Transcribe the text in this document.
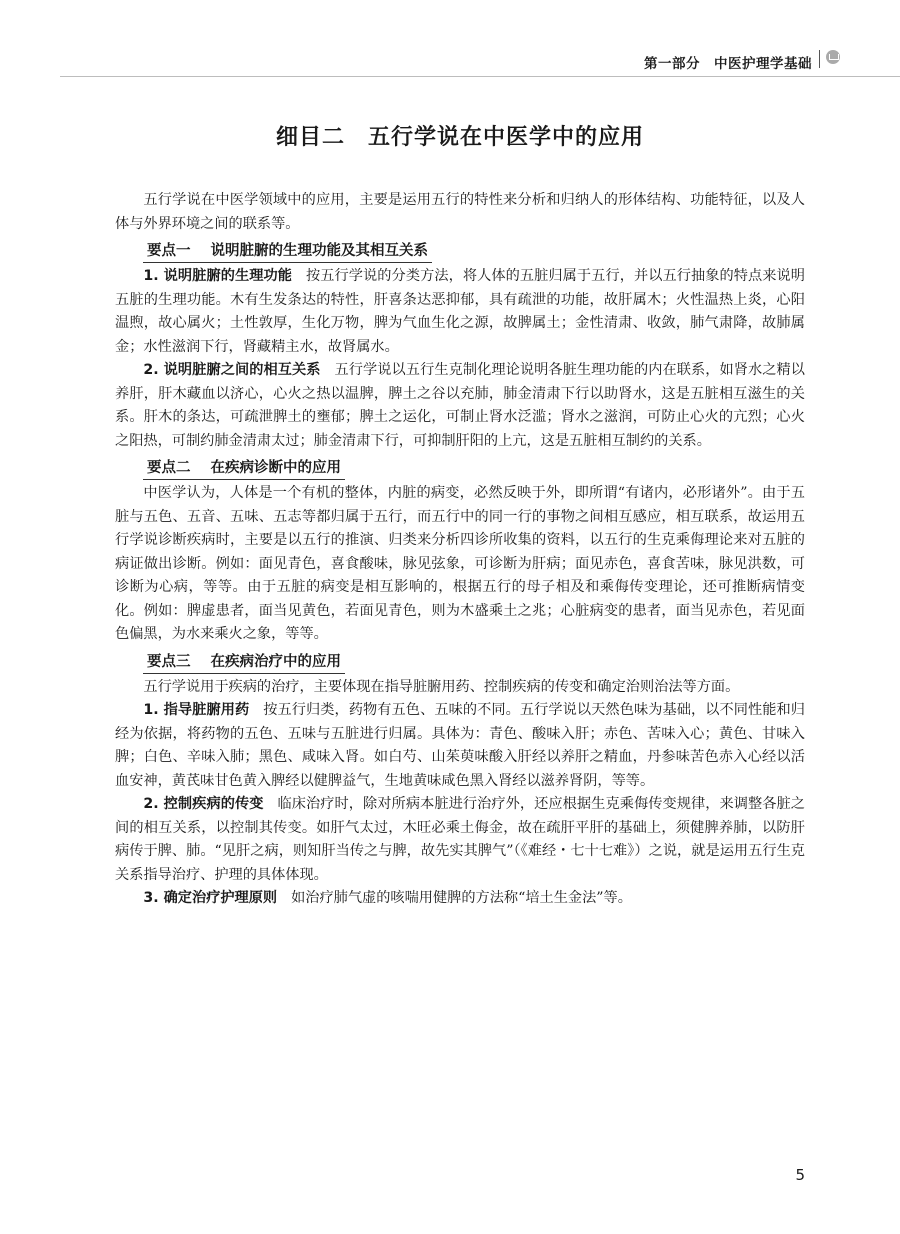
第一部分 中医护理学基础
细目二　五行学说在中医学中的应用

五行学说在中医学领域中的应用，主要是运用五行的特性来分析和归纳人的形体结构、功能特征，以及人体与外界环境之间的联系等。

要点一 说明脏腑的生理功能及其相互关系

1. 说明脏腑的生理功能 按五行学说的分类方法，将人体的五脏归属于五行，并以五行抽象的特点来说明五脏的生理功能。木有生发条达的特性，肝喜条达恶抑郁，具有疏泄的功能，故肝属木；火性温热上炎，心阳温煦，故心属火；土性敦厚，生化万物，脾为气血生化之源，故脾属土；金性清肃、收敛，肺气肃降，故肺属金；水性滋润下行，肾藏精主水，故肾属水。

2. 说明脏腑之间的相互关系 五行学说以五行生克制化理论说明各脏生理功能的内在联系，如肾水之精以养肝，肝木藏血以济心，心火之热以温脾，脾土之谷以充肺，肺金清肃下行以助肾水，这是五脏相互滋生的关系。肝木的条达，可疏泄脾土的壅郁；脾土之运化，可制止肾水泛滥；肾水之滋润，可防止心火的亢烈；心火之阳热，可制约肺金清肃太过；肺金清肃下行，可抑制肝阳的上亢，这是五脏相互制约的关系。

要点二 在疾病诊断中的应用

中医学认为，人体是一个有机的整体，内脏的病变，必然反映于外，即所谓“有诸内，必形诸外”。由于五脏与五色、五音、五味、五志等都归属于五行，而五行中的同一行的事物之间相互感应，相互联系，故运用五行学说诊断疾病时，主要是以五行的推演、归类来分析四诊所收集的资料，以五行的生克乘侮理论来对五脏的病证做出诊断。例如：面见青色，喜食酸味，脉见弦象，可诊断为肝病；面见赤色，喜食苦味，脉见洪数，可诊断为心病，等等。由于五脏的病变是相互影响的，根据五行的母子相及和乘侮传变理论，还可推断病情变化。例如：脾虚患者，面当见黄色，若面见青色，则为木盛乘土之兆；心脏病变的患者，面当见赤色，若见面色偏黑，为水来乘火之象，等等。

要点三 在疾病治疗中的应用

五行学说用于疾病的治疗，主要体现在指导脏腑用药、控制疾病的传变和确定治则治法等方面。

1. 指导脏腑用药 按五行归类，药物有五色、五味的不同。五行学说以天然色味为基础，以不同性能和归经为依据，将药物的五色、五味与五脏进行归属。具体为：青色、酸味入肝；赤色、苦味入心；黄色、甘味入脾；白色、辛味入肺；黑色、咸味入肾。如白芍、山茱萸味酸入肝经以养肝之精血，丹参味苦色赤入心经以活血安神，黄芪味甘色黄入脾经以健脾益气，生地黄味咸色黑入肾经以滋养肾阴，等等。

2. 控制疾病的传变 临床治疗时，除对所病本脏进行治疗外，还应根据生克乘侮传变规律，来调整各脏之间的相互关系，以控制其传变。如肝气太过，木旺必乘土侮金，故在疏肝平肝的基础上，须健脾养肺，以防肝病传于脾、肺。“见肝之病，则知肝当传之与脾，故先实其脾气”（《难经・七十七难》）之说，就是运用五行生克关系指导治疗、护理的具体体现。

3. 确定治疗护理原则 如治疗肺气虚的咳喘用健脾的方法称“培土生金法”等。

5
